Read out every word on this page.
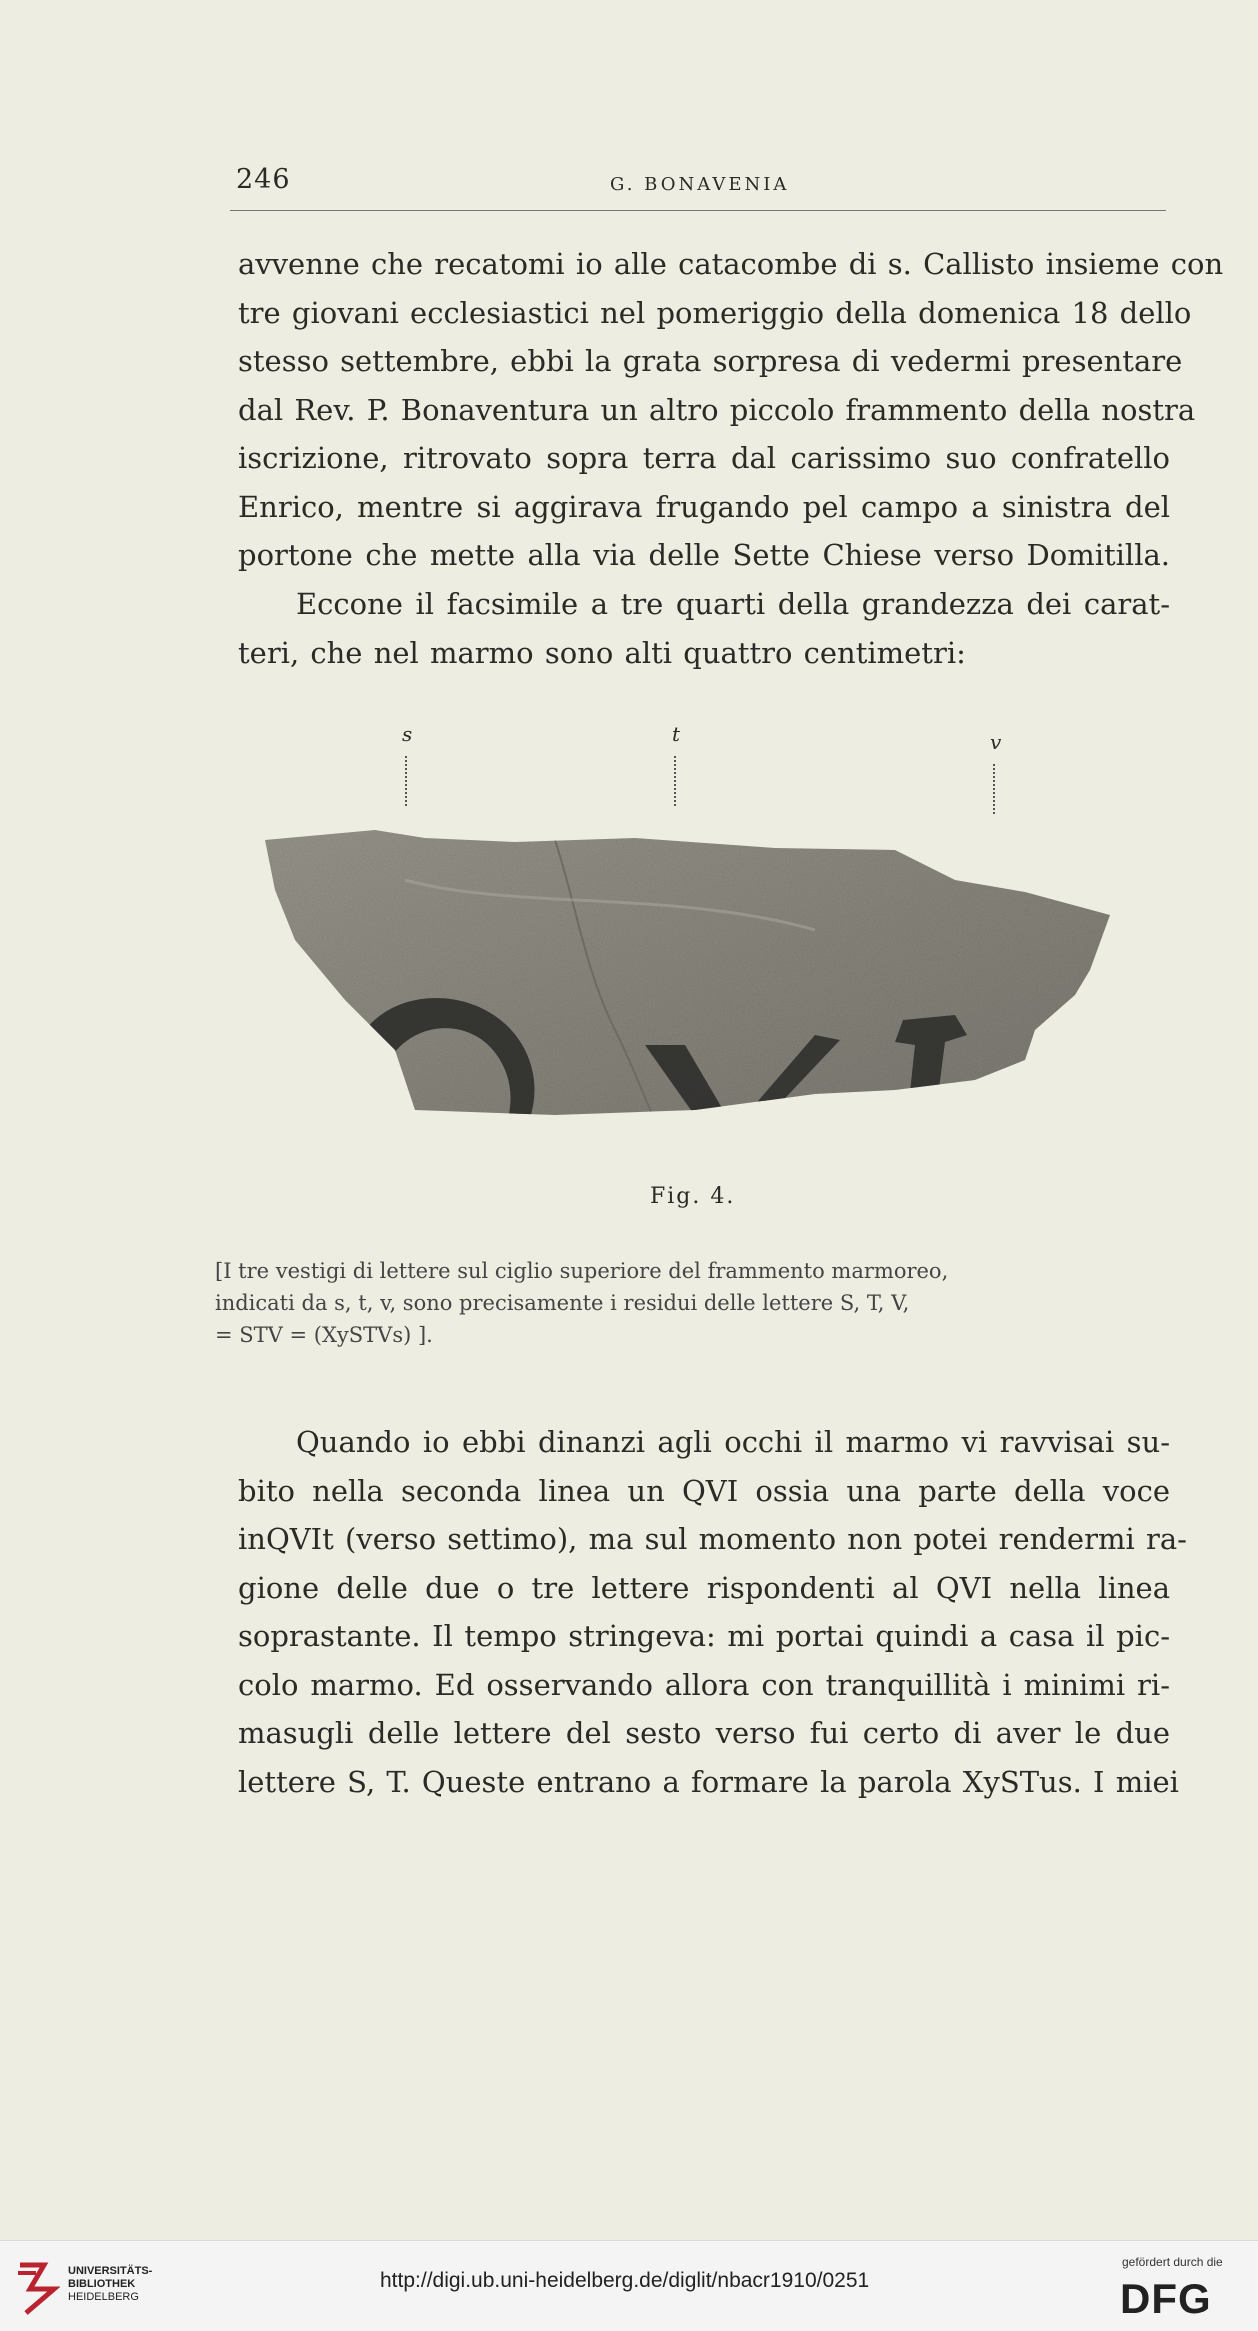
246	G. BONAVENIA
avvenne che recatomi io alle catacombe di s. Callisto insieme con
tre giovani ecclesiastici nel pomeriggio della domenica 18 dello
stesso settembre, ebbi la grata sorpresa di vedermi presentare
dal Rev. P. Bonaventura un altro piccolo frammento della nostra
iscrizione, ritrovato sopra terra dal carissimo suo confratello
Enrico, mentre si aggirava frugando pel campo a sinistra del
portone che mette alla via delle Sette Chiese verso Domitilla.
Eccone il facsimile a tre quarti della grandezza dei carat-
teri, che nel marmo sono alti quattro centimetri:
s	t	v
Fig. 4.
[I tre vestigi di lettere sul ciglio superiore del frammento marmoreo,
indicati da s, t, v, sono precisamente i residui delle lettere S, T, V,
= STV = (XySTVs) ].
Quando io ebbi dinanzi agli occhi il marmo vi ravvisai su-
bito nella seconda linea un QVI ossia una parte della voce
inQVIt (verso settimo), ma sul momento non potei rendermi ra-
gione delle due o tre lettere rispondenti al QVI nella linea
soprastante. Il tempo stringeva: mi portai quindi a casa il pic-
colo marmo. Ed osservando allora con tranquillità i minimi ri-
masugli delle lettere del sesto verso fui certo di aver le due
lettere S, T. Queste entrano a formare la parola XySTus. I miei
UNIVERSITÄTS-
BIBLIOTHEK
HEIDELBERG
http://digi.ub.uni-heidelberg.de/diglit/nbacr1910/0251
gefördert durch die
DFG
